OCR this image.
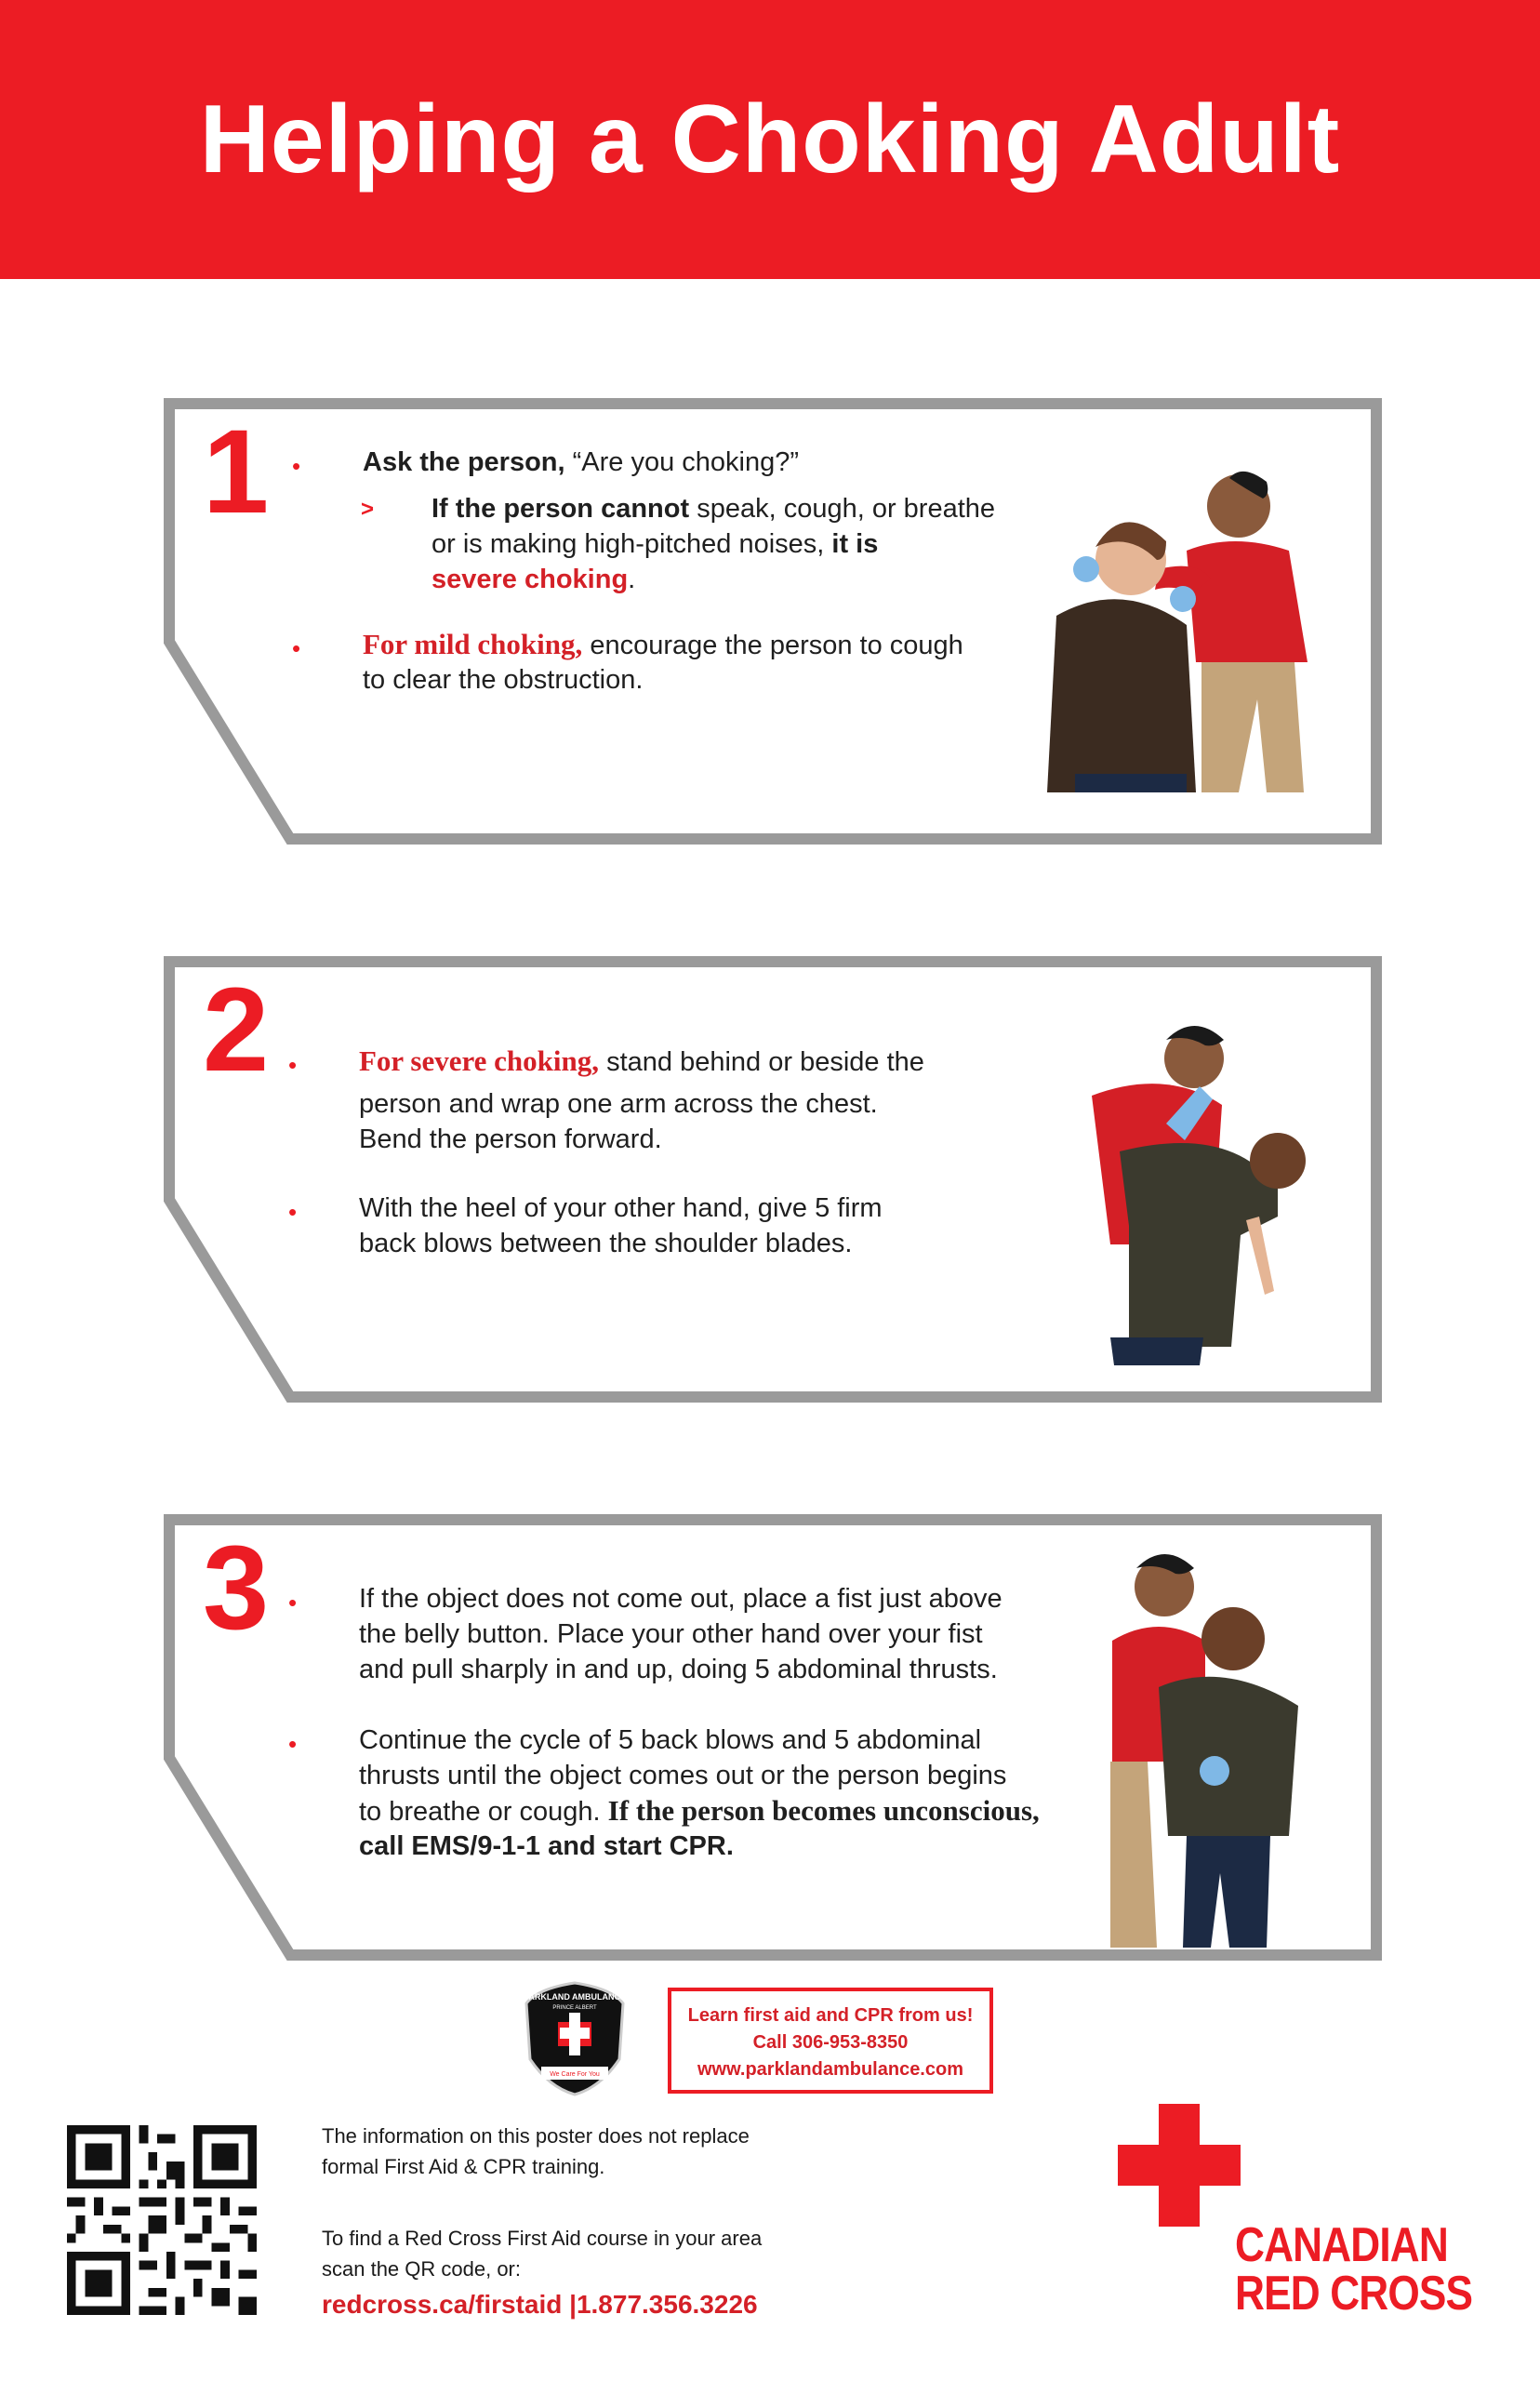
Helping a Choking Adult
1 • Ask the person, “Are you choking?”
> If the person cannot speak, cough, or breathe
or is making high-pitched noises, it is
severe choking.
• For mild choking, encourage the person to cough
to clear the obstruction.
2 • For severe choking, stand behind or beside the
person and wrap one arm across the chest.
Bend the person forward.
• With the heel of your other hand, give 5 firm
back blows between the shoulder blades.
3 • If the object does not come out, place a fist just above
the belly button. Place your other hand over your fist
and pull sharply in and up, doing 5 abdominal thrusts.
• Continue the cycle of 5 back blows and 5 abdominal
thrusts until the object comes out or the person begins
to breathe or cough. If the person becomes unconscious,
call EMS/9-1-1 and start CPR.
PARKLAND AMBULANCE
PRINCE ALBERT
We Care For You
Learn first aid and CPR from us!
Call 306-953-8350
www.parklandambulance.com
The information on this poster does not replace
formal First Aid & CPR training.
To find a Red Cross First Aid course in your area
scan the QR code, or:
redcross.ca/firstaid |1.877.356.3226
CANADIAN
RED CROSS
